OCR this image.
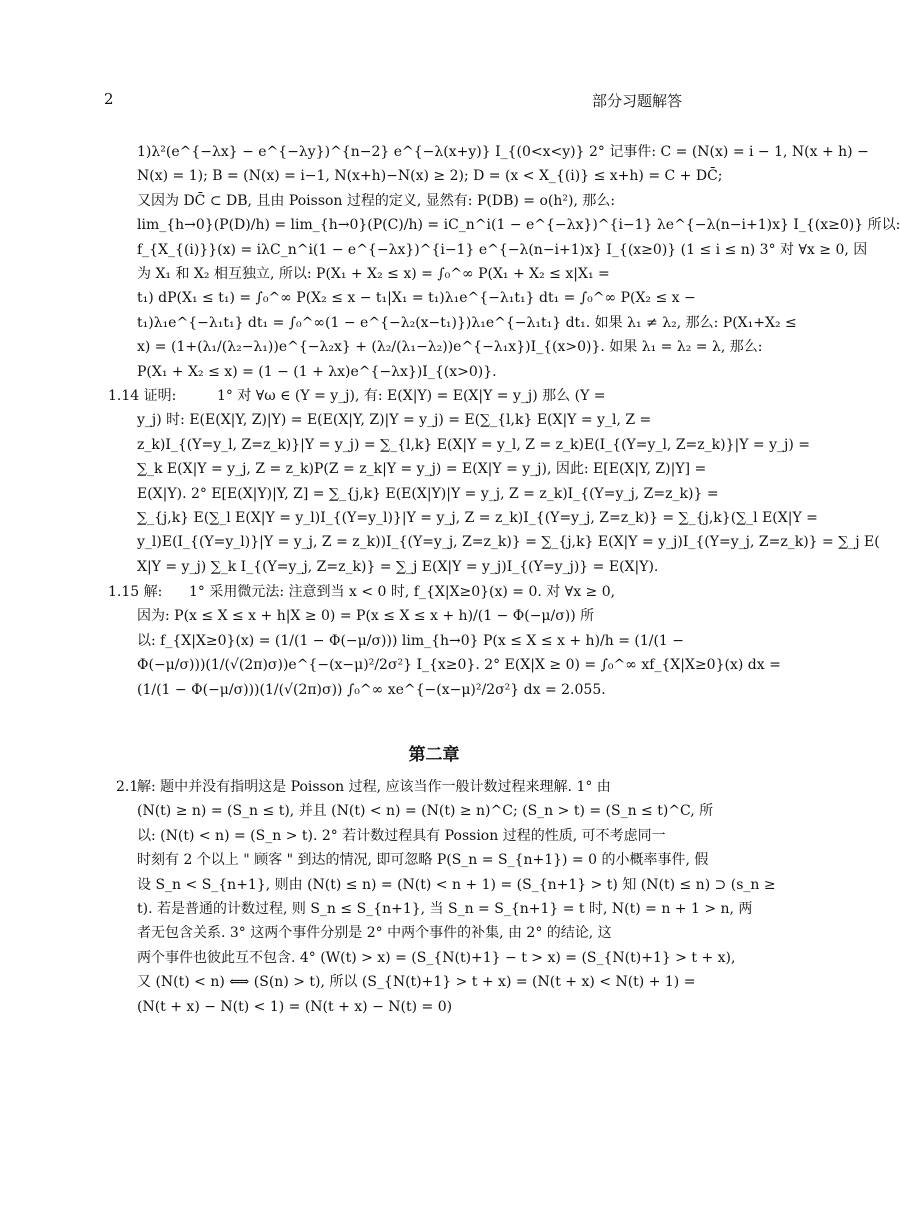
2	部分习题解答
1)λ²(e^{−λx} − e^{−λy})^{n−2} e^{−λ(x+y)} I_{(0<x<y)} 2° 记事件: C = (N(x) = i − 1, N(x + h) −
N(x) = 1); B = (N(x) = i−1, N(x+h)−N(x) ≥ 2); D = (x < X_{(i)} ≤ x+h) = C + DC̄;
又因为 DC̄ ⊂ DB, 且由 Poisson 过程的定义, 显然有: P(DB) = o(h²), 那么:
lim_{h→0}(P(D)/h) = lim_{h→0}(P(C)/h) = iC_n^i(1 − e^{−λx})^{i−1} λe^{−λ(n−i+1)x} I_{(x≥0)} 所以:
f_{X_{(i)}}(x) = iλC_n^i(1 − e^{−λx})^{i−1} e^{−λ(n−i+1)x} I_{(x≥0)} (1 ≤ i ≤ n) 3° 对 ∀x ≥ 0, 因
为 X₁ 和 X₂ 相互独立, 所以: P(X₁ + X₂ ≤ x) = ∫₀^∞ P(X₁ + X₂ ≤ x|X₁ =
t₁) dP(X₁ ≤ t₁) = ∫₀^∞ P(X₂ ≤ x − t₁|X₁ = t₁)λ₁e^{−λ₁t₁} dt₁ = ∫₀^∞ P(X₂ ≤ x −
t₁)λ₁e^{−λ₁t₁} dt₁ = ∫₀^∞(1 − e^{−λ₂(x−t₁)})λ₁e^{−λ₁t₁} dt₁. 如果 λ₁ ≠ λ₂, 那么: P(X₁+X₂ ≤
x) = (1+(λ₁/(λ₂−λ₁))e^{−λ₂x} + (λ₂/(λ₁−λ₂))e^{−λ₁x})I_{(x>0)}. 如果 λ₁ = λ₂ = λ, 那么:
P(X₁ + X₂ ≤ x) = (1 − (1 + λx)e^{−λx})I_{(x>0)}.
1.14 证明:	1° 对 ∀ω ∈ (Y = y_j), 有: E(X|Y) = E(X|Y = y_j) 那么 (Y =
y_j) 时: E(E(X|Y, Z)|Y) = E(E(X|Y, Z)|Y = y_j) = E(∑_{l,k} E(X|Y = y_l, Z =
z_k)I_{(Y=y_l, Z=z_k)}|Y = y_j) = ∑_{l,k} E(X|Y = y_l, Z = z_k)E(I_{(Y=y_l, Z=z_k)}|Y = y_j) =
∑_k E(X|Y = y_j, Z = z_k)P(Z = z_k|Y = y_j) = E(X|Y = y_j), 因此: E[E(X|Y, Z)|Y] =
E(X|Y). 2° E[E(X|Y)|Y, Z] = ∑_{j,k} E(E(X|Y)|Y = y_j, Z = z_k)I_{(Y=y_j, Z=z_k)} =
∑_{j,k} E(∑_l E(X|Y = y_l)I_{(Y=y_l)}|Y = y_j, Z = z_k)I_{(Y=y_j, Z=z_k)} = ∑_{j,k}(∑_l E(X|Y =
y_l)E(I_{(Y=y_l)}|Y = y_j, Z = z_k))I_{(Y=y_j, Z=z_k)} = ∑_{j,k} E(X|Y = y_j)I_{(Y=y_j, Z=z_k)} = ∑_j E(
X|Y = y_j) ∑_k I_{(Y=y_j, Z=z_k)} = ∑_j E(X|Y = y_j)I_{(Y=y_j)} = E(X|Y).
1.15 解:	1° 采用微元法: 注意到当 x < 0 时, f_{X|X≥0}(x) = 0. 对 ∀x ≥ 0,
因为: P(x ≤ X ≤ x + h|X ≥ 0) = P(x ≤ X ≤ x + h)/(1 − Φ(−μ/σ)) 所
以: f_{X|X≥0}(x) = (1/(1 − Φ(−μ/σ))) lim_{h→0} P(x ≤ X ≤ x + h)/h = (1/(1 −
Φ(−μ/σ)))(1/(√(2π)σ))e^{−(x−μ)²/2σ²} I_{x≥0}. 2° E(X|X ≥ 0) = ∫₀^∞ xf_{X|X≥0}(x) dx =
(1/(1 − Φ(−μ/σ)))(1/(√(2π)σ)) ∫₀^∞ xe^{−(x−μ)²/2σ²} dx = 2.055.
第二章
2.1
解: 题中并没有指明这是 Poisson 过程, 应该当作一般计数过程来理解. 1° 由
(N(t) ≥ n) = (S_n ≤ t), 并且 (N(t) < n) = (N(t) ≥ n)^C; (S_n > t) = (S_n ≤ t)^C, 所
以: (N(t) < n) = (S_n > t). 2° 若计数过程具有 Possion 过程的性质, 可不考虑同一
时刻有 2 个以上 " 顾客 " 到达的情况, 即可忽略 P(S_n = S_{n+1}) = 0 的小概率事件, 假
设 S_n < S_{n+1}, 则由 (N(t) ≤ n) = (N(t) < n + 1) = (S_{n+1} > t) 知 (N(t) ≤ n) ⊃ (s_n ≥
t). 若是普通的计数过程, 则 S_n ≤ S_{n+1}, 当 S_n = S_{n+1} = t 时, N(t) = n + 1 > n, 两
者无包含关系. 3° 这两个事件分别是 2° 中两个事件的补集, 由 2° 的结论, 这
两个事件也彼此互不包含. 4° (W(t) > x) = (S_{N(t)+1} − t > x) = (S_{N(t)+1} > t + x),
又 (N(t) < n) ⟺ (S(n) > t), 所以 (S_{N(t)+1} > t + x) = (N(t + x) < N(t) + 1) =
(N(t + x) − N(t) < 1) = (N(t + x) − N(t) = 0)
